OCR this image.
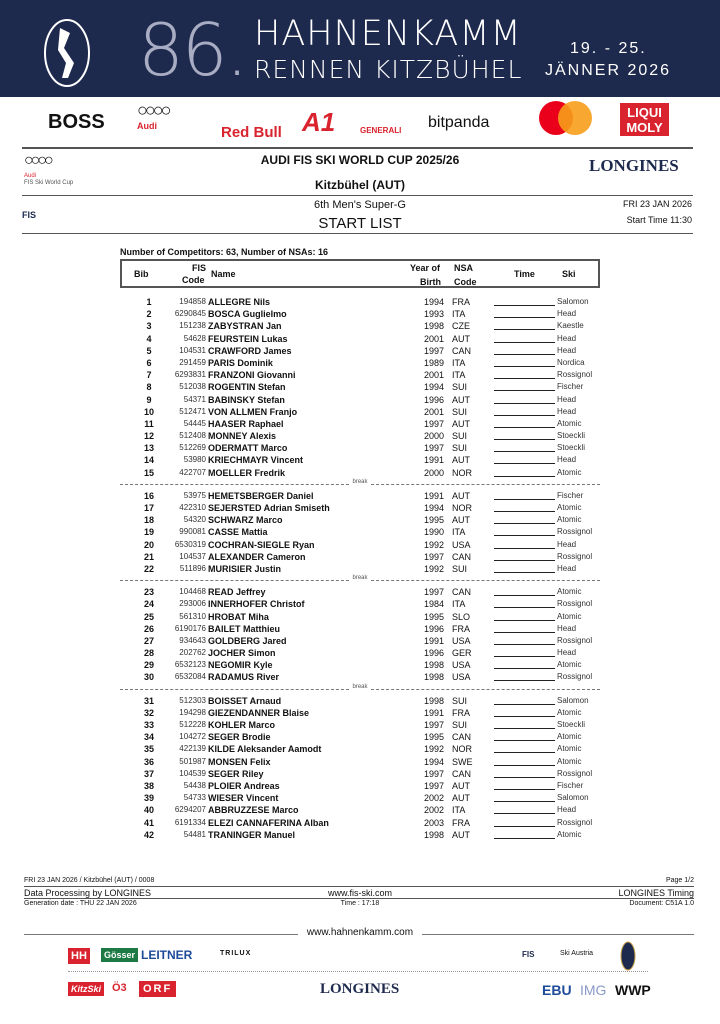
86. HAHNENKAMM
RENNEN KITZBÜHEL
19. - 25.
JÄNNER 2026
BOSS
○○○○
Audi	Red Bull A1	GENERALI bitpanda
LIQUI MOLY
○○○○
Audi
FIS Ski World Cup
AUDI FIS SKI WORLD CUP 2025/26
Kitzbühel (AUT)
LONGINES
FIS
6th Men's Super-G
START LIST
FRI 23 JAN 2026
Start Time 11:30
Number of Competitors: 63, Number of NSAs: 16
Bib
FIS
Code
Name
Year of
Birth
NSA
Code
Time	Ski
1	194858 ALLEGRE Nils	1994 FRA	Salomon
2	6290845 BOSCA Guglielmo	1993 ITA	Head
3	151238 ZABYSTRAN Jan	1998 CZE	Kaestle
4	54628 FEURSTEIN Lukas	2001 AUT	Head
5	104531 CRAWFORD James	1997 CAN	Head
6	291459 PARIS Dominik	1989 ITA	Nordica
7	6293831 FRANZONI Giovanni	2001 ITA	Rossignol
8	512038 ROGENTIN Stefan	1994 SUI	Fischer
9	54371 BABINSKY Stefan	1996 AUT	Head
10	512471 VON ALLMEN Franjo	2001 SUI	Head
11	54445 HAASER Raphael	1997 AUT	Atomic
12	512408 MONNEY Alexis	2000 SUI	Stoeckli
13	512269 ODERMATT Marco	1997 SUI	Stoeckli
14	53980 KRIECHMAYR Vincent	1991 AUT	Head
15	422707 MOELLER Fredrik	2000 NOR	Atomic
break
16	53975 HEMETSBERGER Daniel	1991 AUT	Fischer
17	422310 SEJERSTED Adrian Smiseth	1994 NOR	Atomic
18	54320 SCHWARZ Marco	1995 AUT	Atomic
19	990081 CASSE Mattia	1990 ITA	Rossignol
20	6530319 COCHRAN-SIEGLE Ryan	1992 USA	Head
21	104537 ALEXANDER Cameron	1997 CAN	Rossignol
22	511896 MURISIER Justin	1992 SUI	Head
break
23	104468 READ Jeffrey	1997 CAN	Atomic
24	293006 INNERHOFER Christof	1984 ITA	Rossignol
25	561310 HROBAT Miha	1995 SLO	Atomic
26	6190176 BAILET Matthieu	1996 FRA	Head
27	934643 GOLDBERG Jared	1991 USA	Rossignol
28	202762 JOCHER Simon	1996 GER	Head
29	6532123 NEGOMIR Kyle	1998 USA	Atomic
30	6532084 RADAMUS River	1998 USA	Rossignol
break
31	512303 BOISSET Arnaud	1998 SUI	Salomon
32	194298 GIEZENDANNER Blaise	1991 FRA	Atomic
33	512228 KOHLER Marco	1997 SUI	Stoeckli
34	104272 SEGER Brodie	1995 CAN	Atomic
35	422139 KILDE Aleksander Aamodt	1992 NOR	Atomic
36	501987 MONSEN Felix	1994 SWE	Atomic
37	104539 SEGER Riley	1997 CAN	Rossignol
38	54438 PLOIER Andreas	1997 AUT	Fischer
39	54733 WIESER Vincent	2002 AUT	Salomon
40	6294207 ABBRUZZESE Marco	2002 ITA	Head
41	6191334 ELEZI CANNAFERINA Alban	2003 FRA	Rossignol
42	54481 TRANINGER Manuel	1998 AUT	Atomic
FRI 23 JAN 2026 / Kitzbühel (AUT) / 0008	Page 1/2
Data Processing by LONGINES	www.fis-ski.com	LONGINES Timing
Generation date : THU 22 JAN 2026	Time : 17:18	Document: C51A 1.0
www.hahnenkamm.com
HH	Gösser LEITNER	TRILUX	FIS	Ski Austria
KitzSki Ö3	ORF	LONGINES	EBU IMG WWP
